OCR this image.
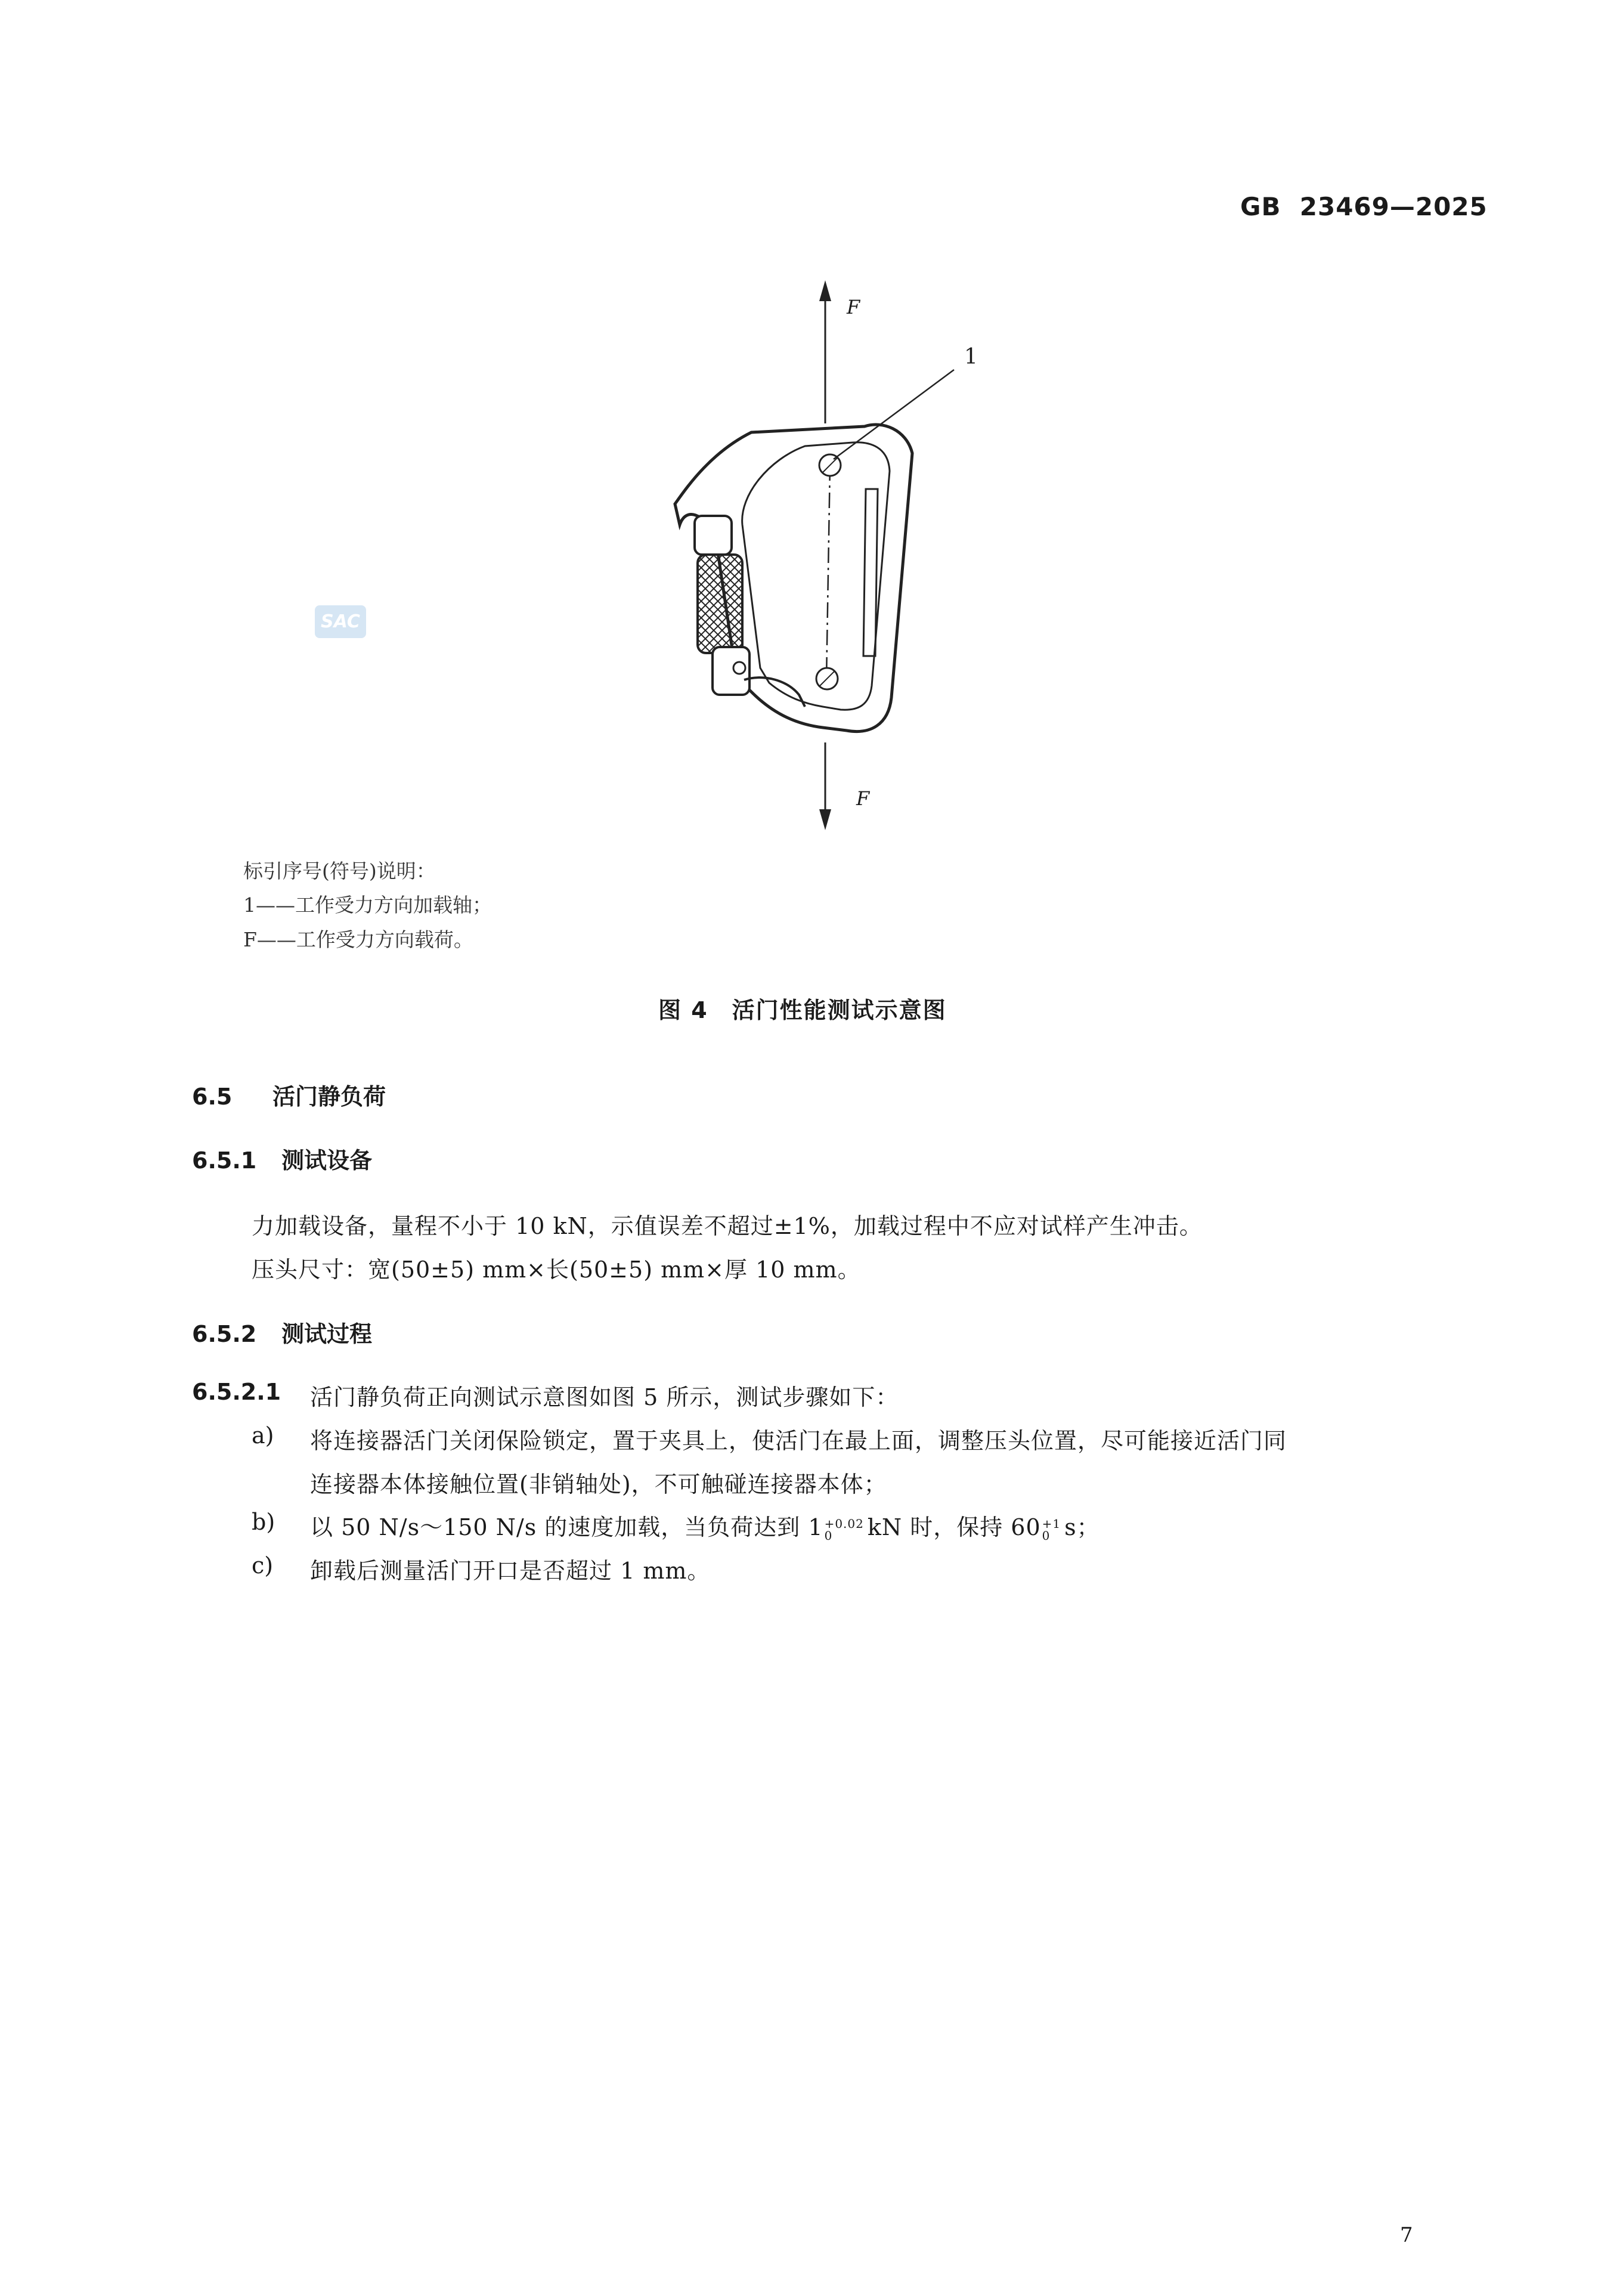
GB 23469—2025
F
F
1
SAC
标引序号(符号)说明：
1——工作受力方向加载轴；
F——工作受力方向载荷。
图 4　活门性能测试示意图
6.5 活门静负荷
6.5.1 测试设备
力加载设备，量程不小于 10 kN，示值误差不超过±1%，加载过程中不应对试样产生冲击。
压头尺寸：宽(50±5) mm×长(50±5) mm×厚 10 mm。
6.5.2 测试过程
6.5.2.1 活门静负荷正向测试示意图如图 5 所示，测试步骤如下：
a) 将连接器活门关闭保险锁定，置于夹具上，使活门在最上面，调整压头位置，尽可能接近活门同
连接器本体接触位置(非销轴处)，不可触碰连接器本体；
b) 以 50 N/s～150 N/s 的速度加载，当负荷达到 1 +0.02
0	kN 时，保持 60 +1
0 s；
c) 卸载后测量活门开口是否超过 1 mm。
7
